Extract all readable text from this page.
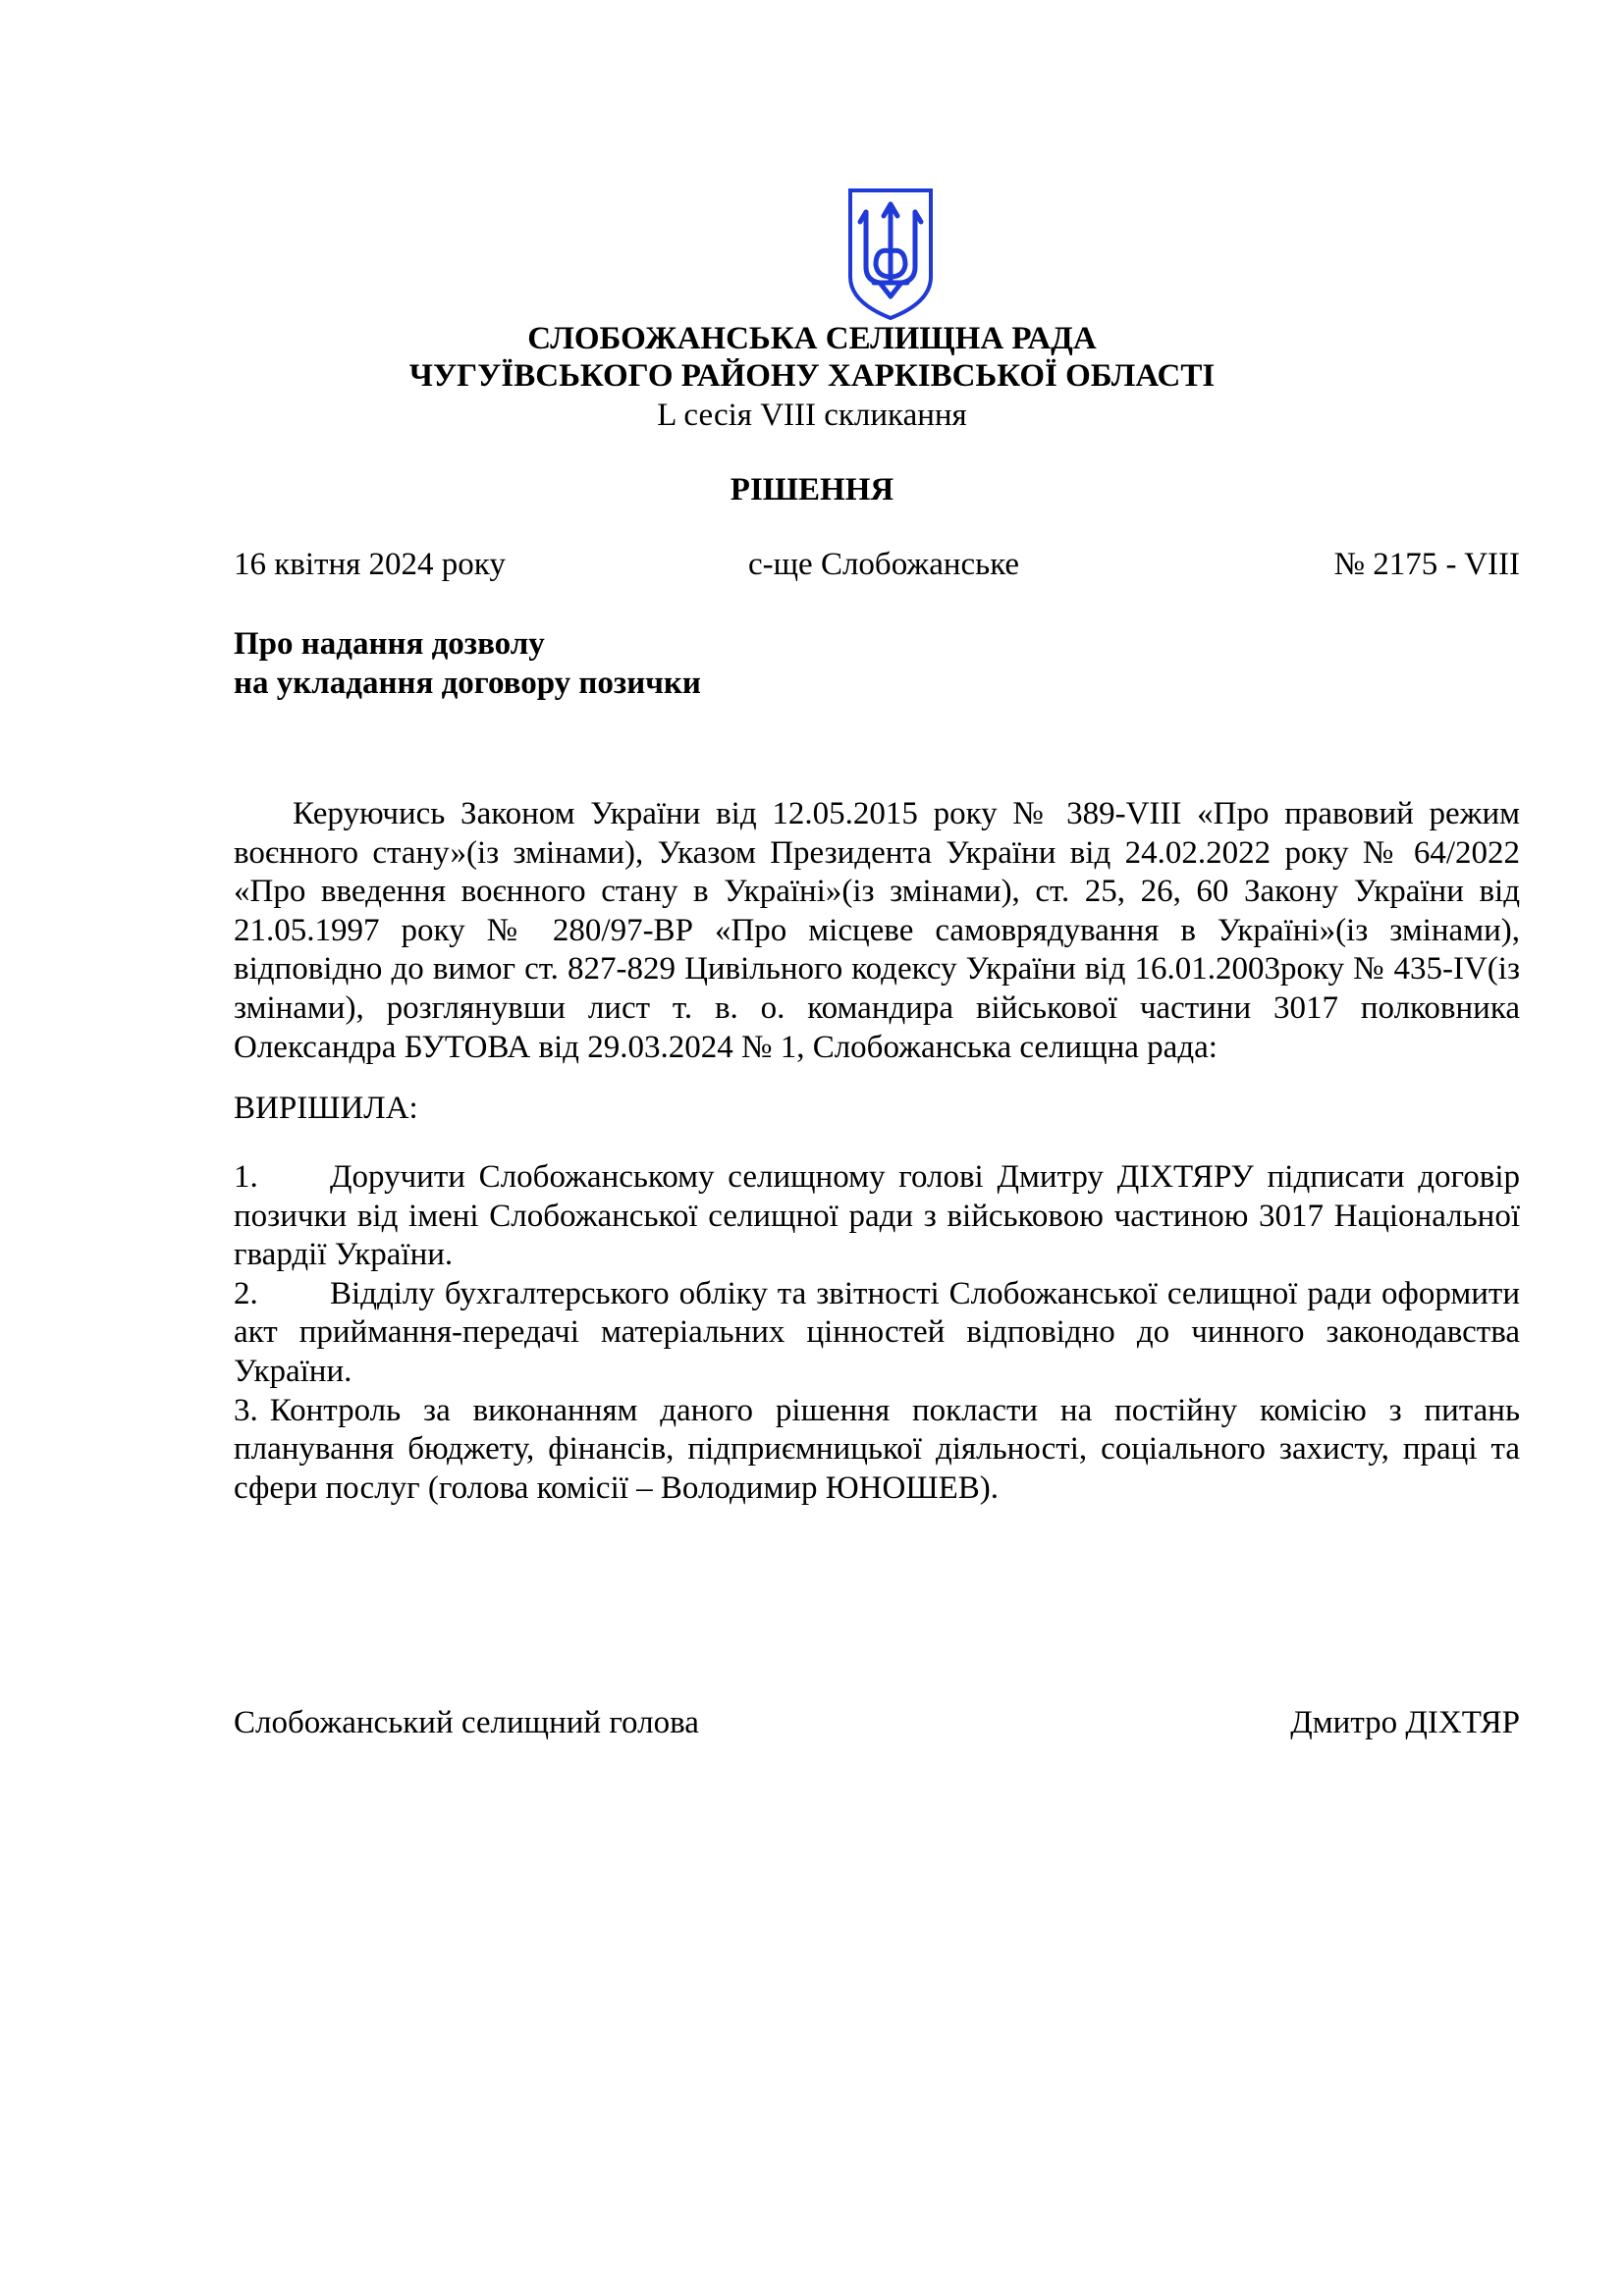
СЛОБОЖАНСЬКА СЕЛИЩНА РАДА
ЧУГУЇВСЬКОГО РАЙОНУ ХАРКІВСЬКОЇ ОБЛАСТІ
L сесія VIII скликання
РІШЕННЯ
16 квітня 2024 року	с-ще Слобожанське	№ 2175 - VIII
Про надання дозволу
на укладання договору позички
Керуючись Законом України від 12.05.2015 року № 389-VIII «Про правовий режим воєнного стану»(із змінами), Указом Президента України від 24.02.2022 року № 64/2022 «Про введення воєнного стану в Україні»(із змінами), ст. 25, 26, 60 Закону України від 21.05.1997 року № 280/97-ВР «Про місцеве самоврядування в Україні»(із змінами), відповідно до вимог ст. 827-829 Цивільного кодексу України від 16.01.2003року № 435-IV(із змінами), розглянувши лист т. в. о. командира військової частини 3017 полковника Олександра БУТОВА від 29.03.2024 № 1, Слобожанська селищна рада:
ВИРІШИЛА:

1. Доручити Слобожанському селищному голові Дмитру ДІХТЯРУ підписати договір позички від імені Слобожанської селищної ради з військовою частиною 3017 Національної гвардії України.

2. Відділу бухгалтерського обліку та звітності Слобожанської селищної ради оформити акт приймання-передачі матеріальних цінностей відповідно до чинного законодавства України.

3. Контроль за виконанням даного рішення покласти на постійну комісію з питань планування бюджету, фінансів, підприємницької діяльності, соціального захисту, праці та сфери послуг (голова комісії – Володимир ЮНОШЕВ).

Слобожанський селищний голова	Дмитро ДІХТЯР
